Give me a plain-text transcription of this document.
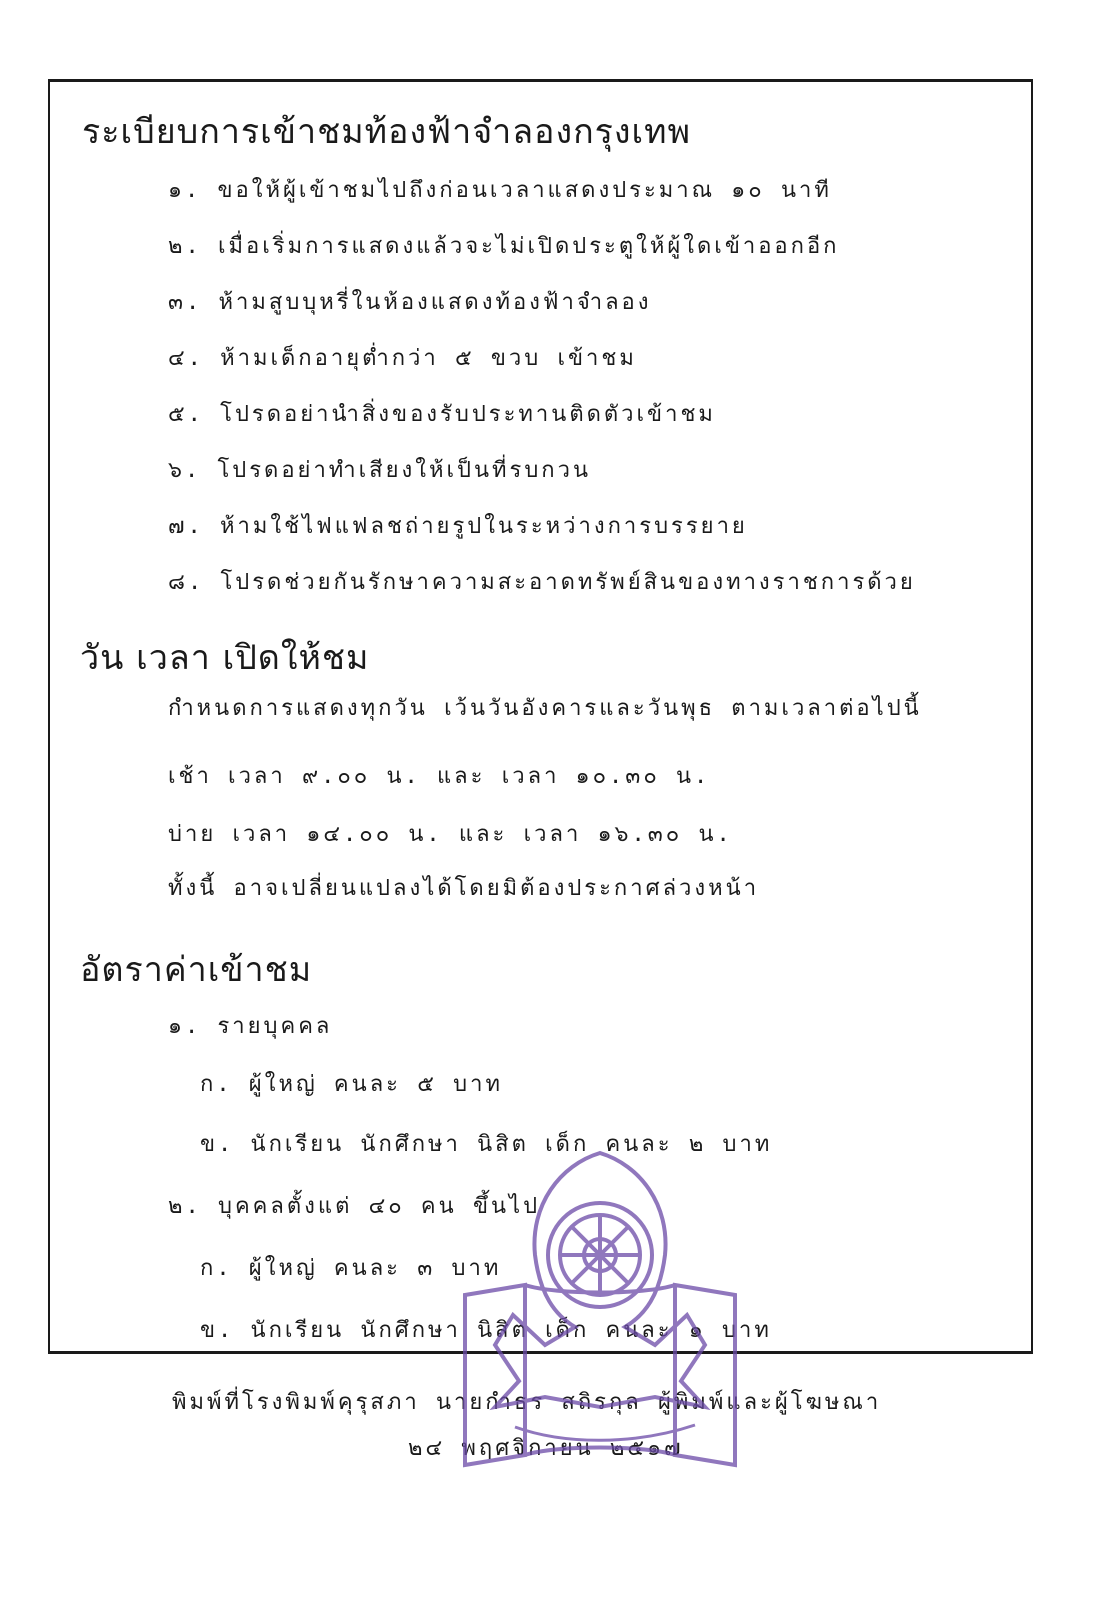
ระเบียบการเข้าชมท้องฟ้าจำลองกรุงเทพ
๑. ขอให้ผู้เข้าชมไปถึงก่อนเวลาแสดงประมาณ ๑๐ นาที
๒. เมื่อเริ่มการแสดงแล้วจะไม่เปิดประตูให้ผู้ใดเข้าออกอีก
๓. ห้ามสูบบุหรี่ในห้องแสดงท้องฟ้าจำลอง
๔. ห้ามเด็กอายุต่ำกว่า ๕ ขวบ เข้าชม
๕. โปรดอย่านำสิ่งของรับประทานติดตัวเข้าชม
๖. โปรดอย่าทำเสียงให้เป็นที่รบกวน
๗. ห้ามใช้ไฟแฟลชถ่ายรูปในระหว่างการบรรยาย
๘. โปรดช่วยกันรักษาความสะอาดทรัพย์สินของทางราชการด้วย
วัน เวลา เปิดให้ชม
กำหนดการแสดงทุกวัน เว้นวันอังคารและวันพุธ ตามเวลาต่อไปนี้
เช้า เวลา ๙.๐๐ น. และ เวลา ๑๐.๓๐ น.
บ่าย เวลา ๑๔.๐๐ น. และ เวลา ๑๖.๓๐ น.
ทั้งนี้ อาจเปลี่ยนแปลงได้โดยมิต้องประกาศล่วงหน้า
อัตราค่าเข้าชม
๑. รายบุคคล
ก. ผู้ใหญ่ คนละ ๕ บาท
ข. นักเรียน นักศึกษา นิสิต เด็ก คนละ ๒ บาท
๒. บุคคลตั้งแต่ ๔๐ คน ขึ้นไป
ก. ผู้ใหญ่ คนละ ๓ บาท
ข. นักเรียน นักศึกษา นิสิต เด็ก คนละ ๑ บาท
พิมพ์ที่โรงพิมพ์คุรุสภา นายกำธร สถิรกุล ผู้พิมพ์และผู้โฆษณา
๒๔ พฤศจิกายน ๒๕๑๗
